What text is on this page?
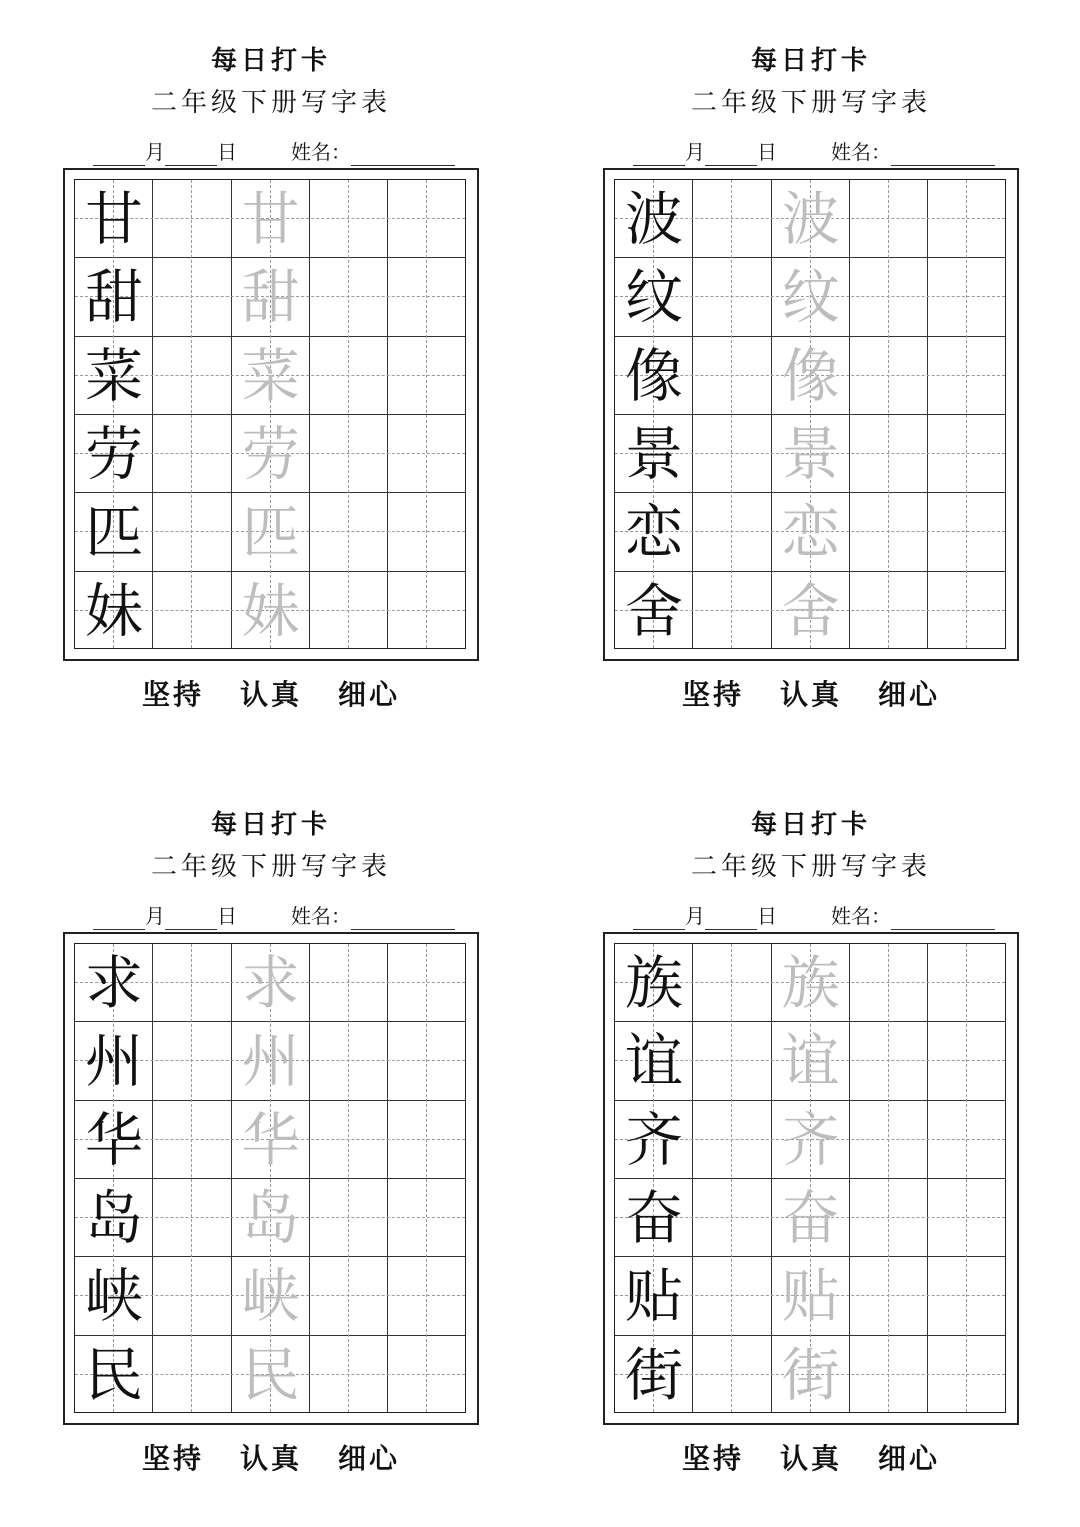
每日打卡
二年级下册写字表
月	日	姓名：
甘 甘
甜 甜
菜 菜
劳 劳
匹 匹
妹 妹
坚持 认真 细心
每日打卡
二年级下册写字表
月	日	姓名：
波 波
纹 纹
像 像
景 景
恋 恋
舍 舍
坚持 认真 细心
每日打卡
二年级下册写字表
月	日	姓名：
求 求
州 州
华 华
岛 岛
峡 峡
民 民
坚持 认真 细心
每日打卡
二年级下册写字表
月	日	姓名：
族 族
谊 谊
齐 齐
奋 奋
贴 贴
街 街
坚持 认真 细心
